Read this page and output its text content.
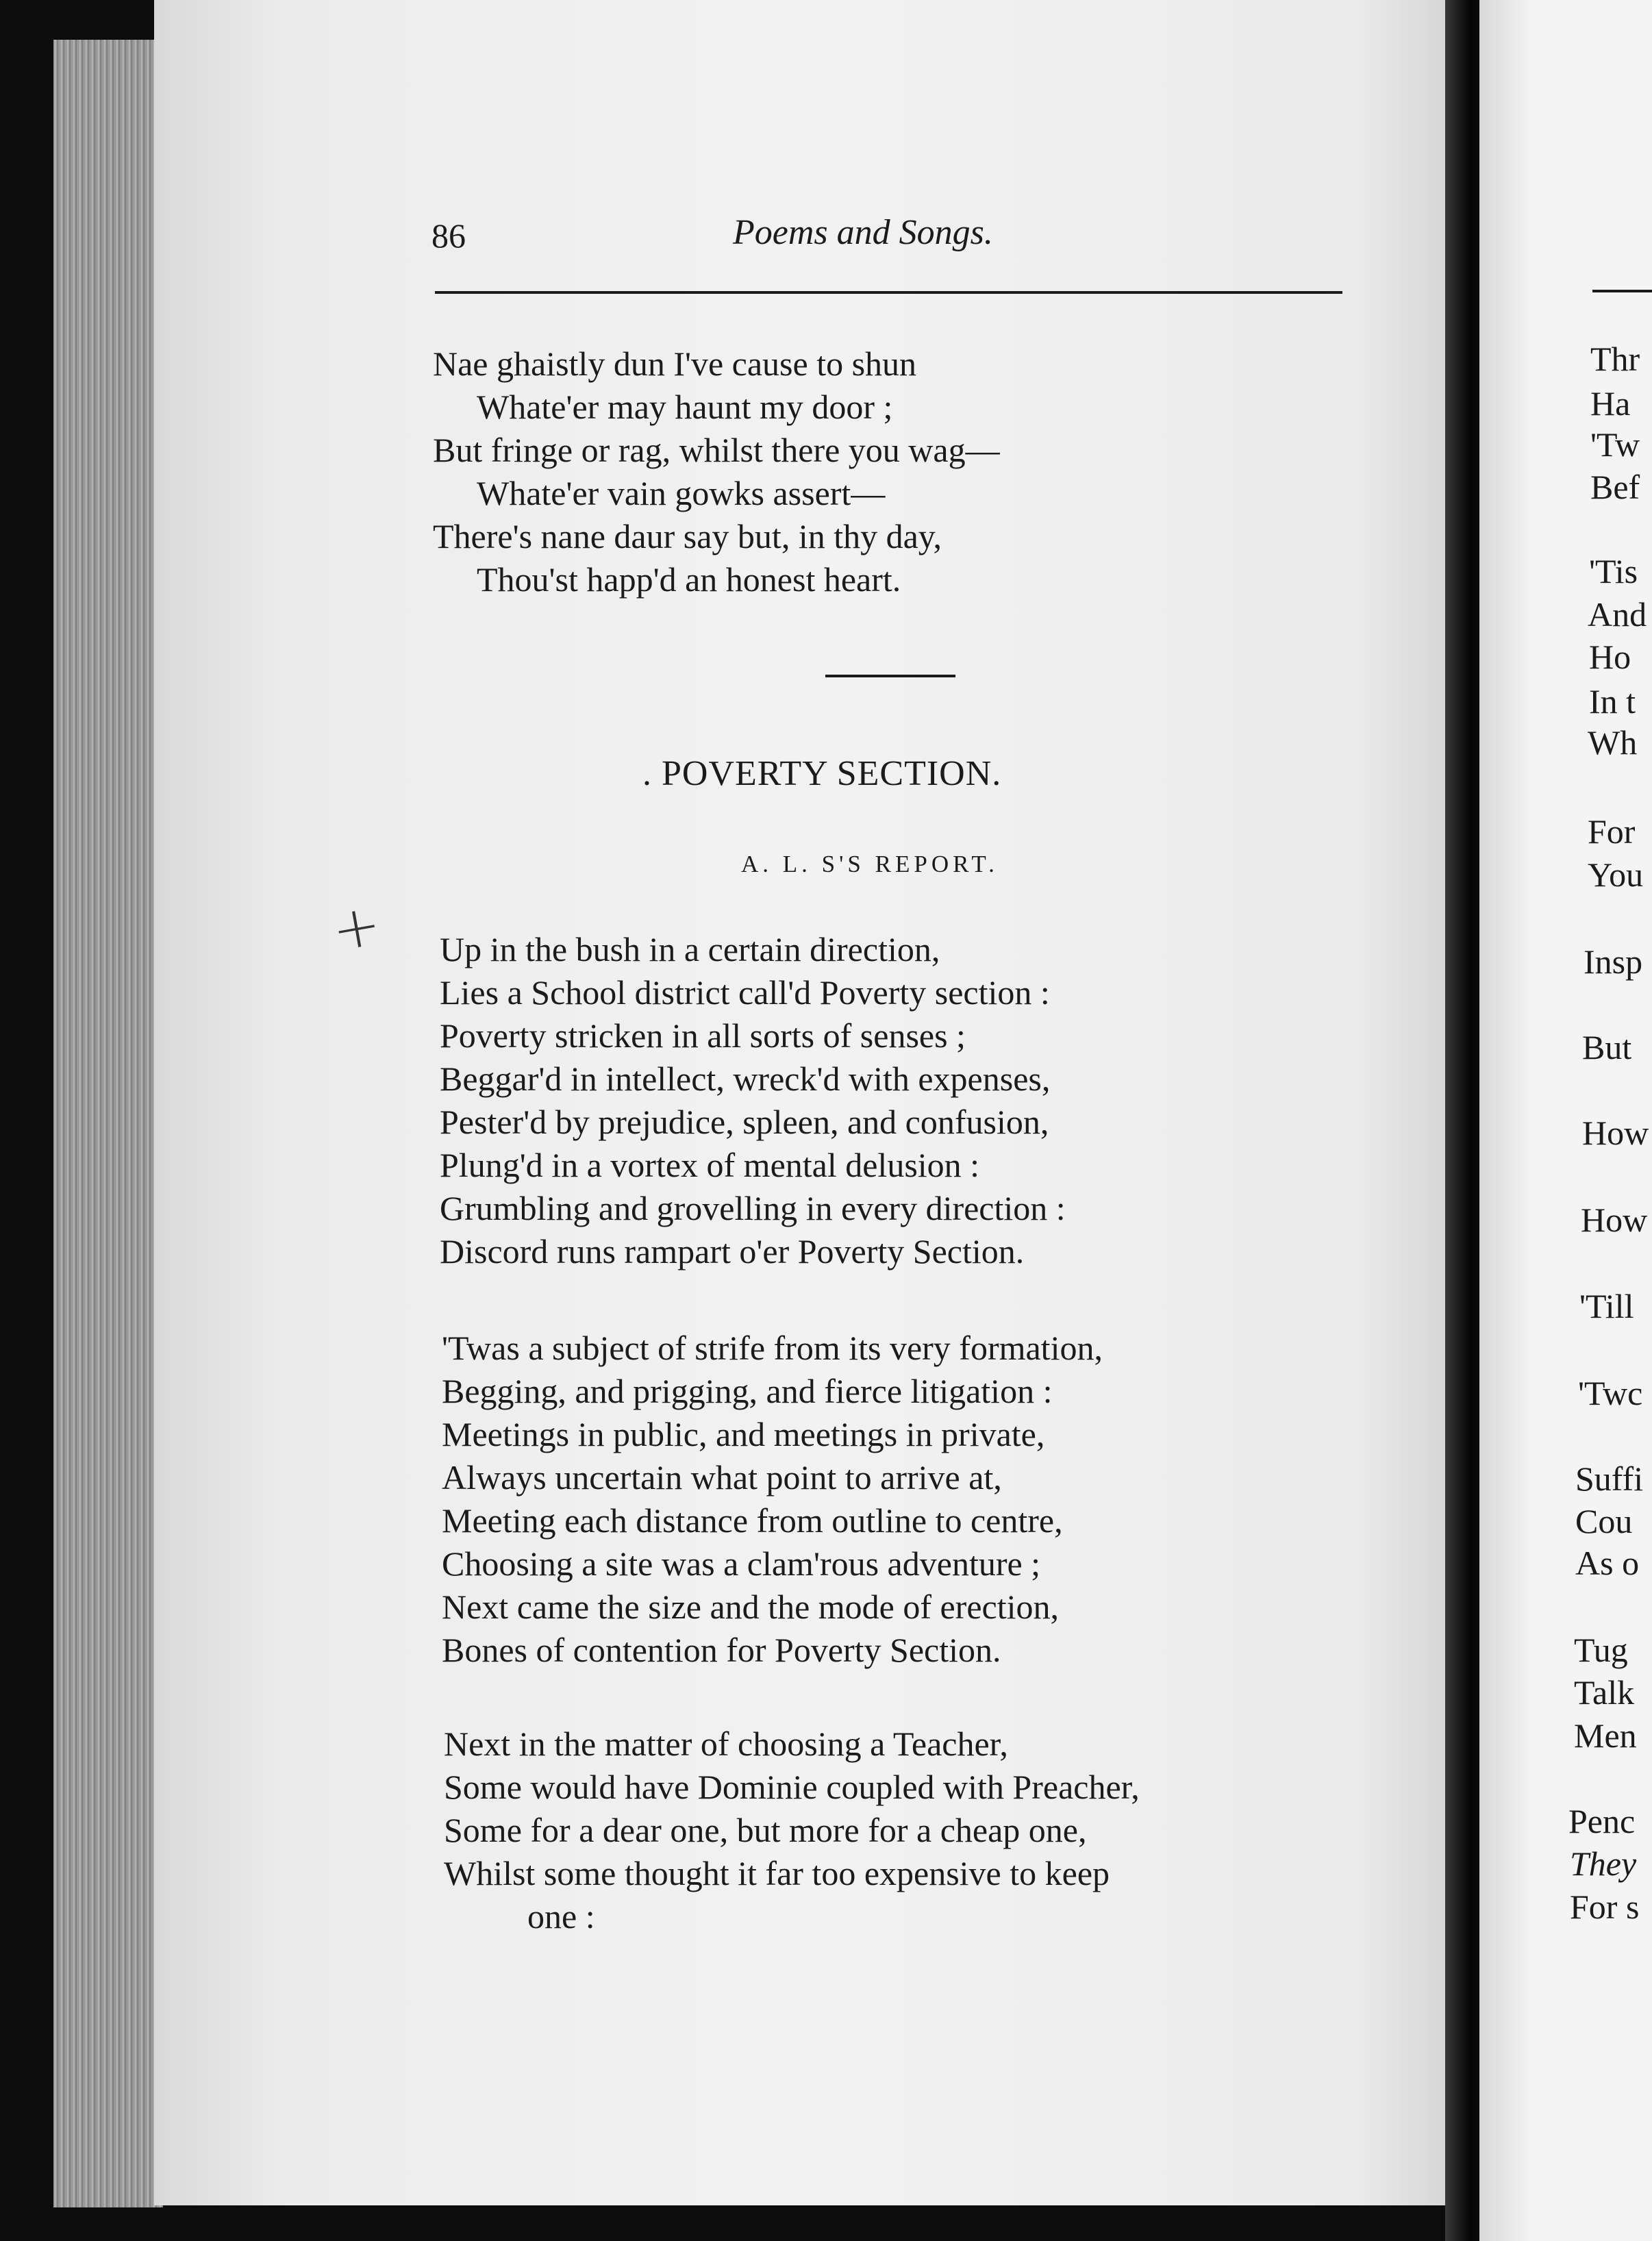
86	Poems and Songs.
Nae ghaistly dun I've cause to shun
Whate'er may haunt my door ;
But fringe or rag, whilst there you wag—
Whate'er vain gowks assert—
There's nane daur say but, in thy day,
Thou'st happ'd an honest heart.
. POVERTY SECTION.
A. L. S'S REPORT.
+ Up in the bush in a certain direction,
Lies a School district call'd Poverty section :
Poverty stricken in all sorts of senses ;
Beggar'd in intellect, wreck'd with expenses,
Pester'd by prejudice, spleen, and confusion,
Plung'd in a vortex of mental delusion :
Grumbling and grovelling in every direction :
Discord runs rampart o'er Poverty Section.
'Twas a subject of strife from its very formation,
Begging, and prigging, and fierce litigation :
Meetings in public, and meetings in private,
Always uncertain what point to arrive at,
Meeting each distance from outline to centre,
Choosing a site was a clam'rous adventure ;
Next came the size and the mode of erection,
Bones of contention for Poverty Section.
Next in the matter of choosing a Teacher,
Some would have Dominie coupled with Preacher,
Some for a dear one, but more for a cheap one,
Whilst some thought it far too expensive to keep
one :
Thr
Ha
'Tw
Bef
'Tis
And
Ho
In t
Wh
For
You
Insp
But
How
How
'Till
'Twc
Suffi
Cou
As o
Tug
Talk
Men
Penc
They
For s
